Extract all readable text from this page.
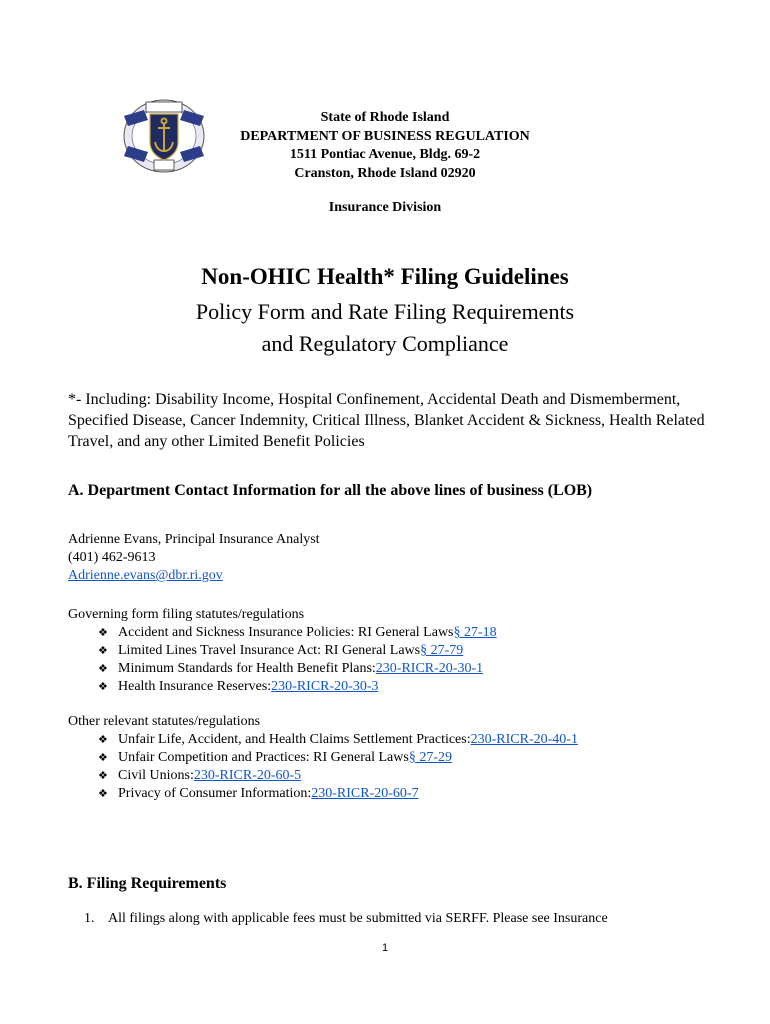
State of Rhode Island
DEPARTMENT OF BUSINESS REGULATION
1511 Pontiac Avenue, Bldg. 69-2
Cranston, Rhode Island 02920
Insurance Division
Non-OHIC Health* Filing Guidelines
Policy Form and Rate Filing Requirements
and Regulatory Compliance
*- Including: Disability Income, Hospital Confinement, Accidental Death and Dismemberment, Specified Disease, Cancer Indemnity, Critical Illness, Blanket Accident & Sickness, Health Related Travel, and any other Limited Benefit Policies
A. Department Contact Information for all the above lines of business (LOB)
Adrienne Evans, Principal Insurance Analyst
(401) 462-9613
Adrienne.evans@dbr.ri.gov
Governing form filing statutes/regulations
❖ Accident and Sickness Insurance Policies: RI General Laws § 27-18
❖ Limited Lines Travel Insurance Act: RI General Laws § 27-79
❖ Minimum Standards for Health Benefit Plans: 230-RICR-20-30-1
❖ Health Insurance Reserves: 230-RICR-20-30-3
Other relevant statutes/regulations
❖ Unfair Life, Accident, and Health Claims Settlement Practices: 230-RICR-20-40-1
❖ Unfair Competition and Practices: RI General Laws § 27-29
❖ Civil Unions: 230-RICR-20-60-5
❖ Privacy of Consumer Information: 230-RICR-20-60-7
B. Filing Requirements
1. All filings along with applicable fees must be submitted via SERFF. Please see Insurance
1
